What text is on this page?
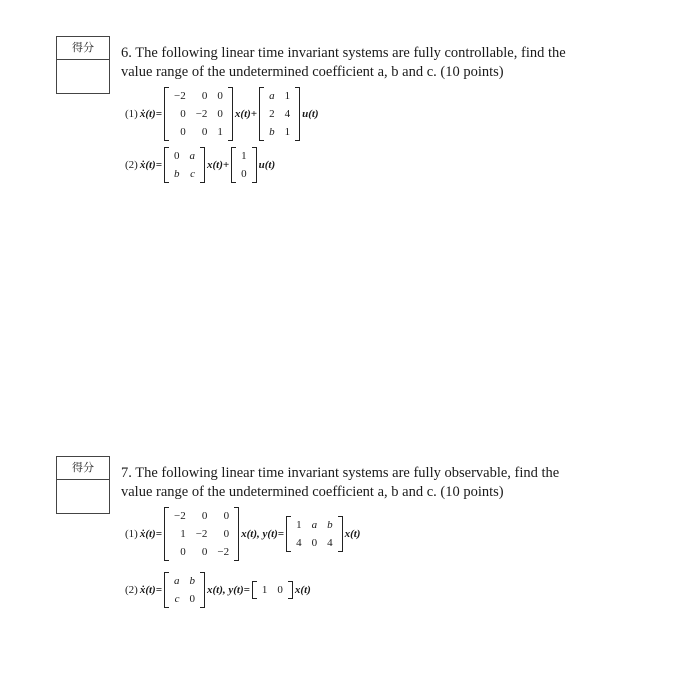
得分	6. The following linear time invariant systems are fully controllable, find the
value range of the undetermined coefficient a, b and c. (10 points)
(1) ẋ(t)=
−2	0	0
0	−2	0
0	0	1
x(t)+
a	1
2	4
b	1
u(t)
(2) ẋ(t)=
0	a
b	c
x(t)+
1
0
u(t)
得分	7. The following linear time invariant systems are fully observable, find the
value range of the undetermined coefficient a, b and c. (10 points)
(1) ẋ(t)=
−2	0	0
1	−2	0
0	0	−2
x(t), y(t)=
1	a	b
4	0	4
x(t)
(2) ẋ(t)=
a	b
c	0
x(t), y(t)= 1	0 x(t)
